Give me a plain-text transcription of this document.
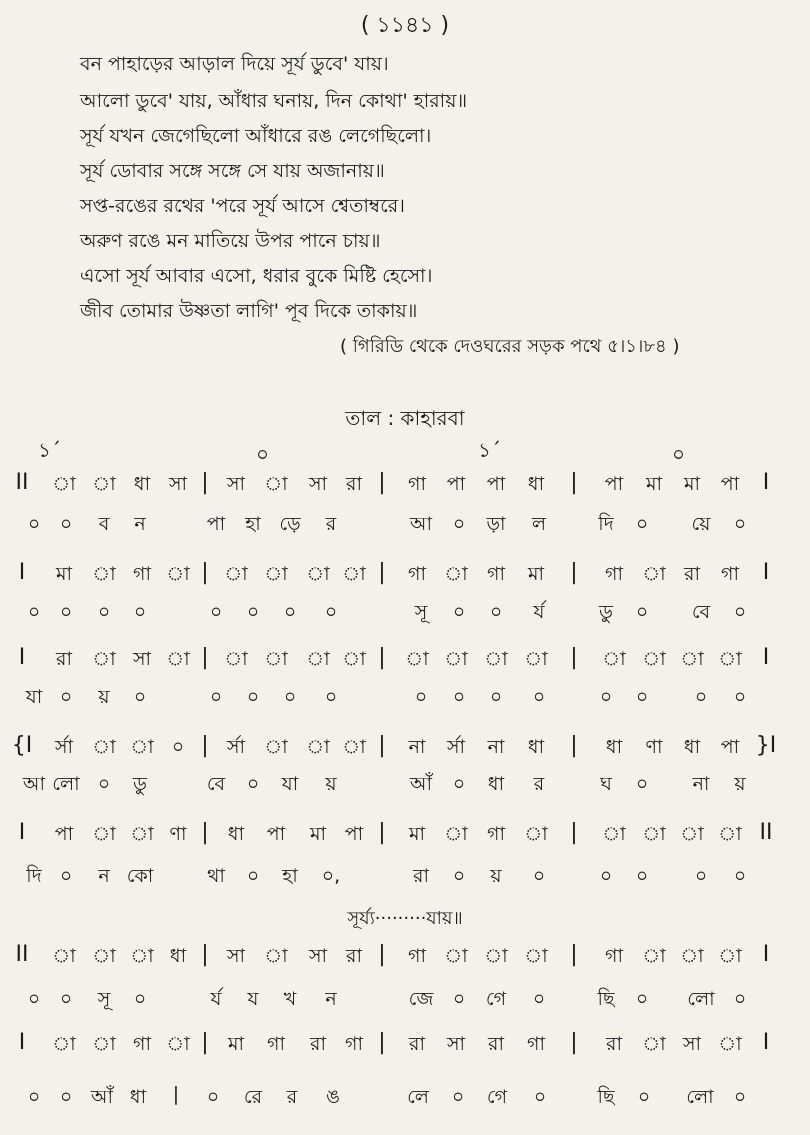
( ১১৪১ )
বন পাহাড়ের আড়াল দিয়ে সূর্য ডুবে' যায়।
আলো ডুবে' যায়, আঁধার ঘনায়, দিন কোথা' হারায়॥
সূর্য যখন জেগেছিলো আঁধারে রঙ লেগেছিলো।
সূর্য ডোবার সঙ্গে সঙ্গে সে যায় অজানায়॥
সপ্ত-রঙের রথের 'পরে সূর্য আসে শ্বেতাম্বরে।
অরুণ রঙে মন মাতিয়ে উপর পানে চায়॥
এসো সূর্য আবার এসো, ধরার বুকে মিষ্টি হেসো।
জীব তোমার উষ্ণতা লাগি' পূব দিকে তাকায়॥
( গিরিডি থেকে দেওঘরের সড়ক পথে ৫।১।৮৪ )
তাল : কাহারবা
১´	০	১´	০
II া া ধা সা | সা া সা রা | গা পা পা ধা | পা মা মা পা I
০ ০ ব ন	পা হা ড়ে র	আ ০ ড়া ল	দি ০ য়ে ০
I মা া গা া | া া া া | গা া গা মা | গা া রা গা I
০ ০ ০ ০	০ ০ ০ ০	সূ ০ ০ র্য	ডু ০ বে ০
I রা া সা া | া া া া | া া া া | া া া া I
যা ০ য় ০	০ ০ ০ ০	০ ০ ০ ০	০ ০ ০ ০
{I র্সা া া ০ | র্সা া া া | না র্সা না ধা | ধা ণা ধা পা }I
আ লো ০ ডু	বে ০ যা য়	আঁ ০ ধা র	ঘ ০ না য়
I পা া া ণা | ধা পা মা পা | মা া গা া | া া া া II
দি ০ ন কো	থা ০ হা ০,	রা ০ য় ০	০ ০ ০ ০
II া া া ধা | সা া সা রা | গা া া া | গা া া া I
০ ০ সূ ০	র্য য খ ন	জে ০ গে ০	ছি ০ লো ০
I া া গা া | মা গা রা গা | রা সা রা গা | রা া সা া I
০ ০ আঁ ধা | ০ রে র ঙ	লে ০ গে ০	ছি ০ লো ০
সূর্য্য·········যায়॥
